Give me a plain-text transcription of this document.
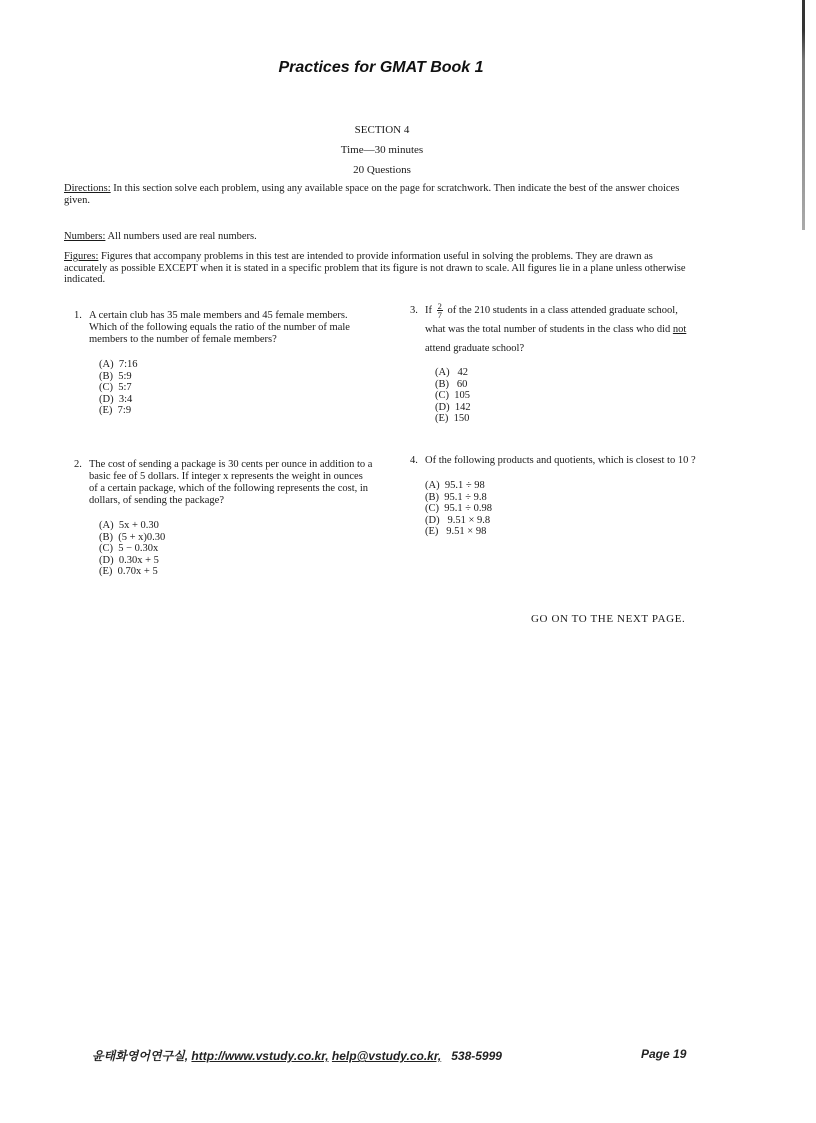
Practices for GMAT Book 1
SECTION 4
Time—30 minutes
20 Questions
Directions: In this section solve each problem, using any available space on the page for scratchwork. Then indicate the best of the answer choices given.
Numbers: All numbers used are real numbers.
Figures: Figures that accompany problems in this test are intended to provide information useful in solving the problems. They are drawn as accurately as possible EXCEPT when it is stated in a specific problem that its figure is not drawn to scale. All figures lie in a plane unless otherwise indicated.
1. A certain club has 35 male members and 45 female members. Which of the following equals the ratio of the number of male members to the number of female members?
(A)  7:16
(B)  5:9
(C)  5:7
(D)  3:4
(E)  7:9
2. The cost of sending a package is 30 cents per ounce in addition to a basic fee of 5 dollars. If integer x represents the weight in ounces of a certain package, which of the following represents the cost, in dollars, of sending the package?
(A)  5x + 0.30
(B)  (5 + x)0.30
(C)  5 − 0.30x
(D)  0.30x + 5
(E)  0.70x + 5
3. If $\frac{2}{7}$ of the 210 students in a class attended graduate school, what was the total number of students in the class who did not attend graduate school?
(A)   42
(B)   60
(C)  105
(D)  142
(E)  150
4. Of the following products and quotients, which is closest to 10 ?
(A)  95.1 ÷ 98
(B)  95.1 ÷ 9.8
(C)  95.1 ÷ 0.98
(D)   9.51 × 9.8
(E)   9.51 × 98
GO ON TO THE NEXT PAGE.
윤태화영어연구실, http://www.vstudy.co.kr, help@vstudy.co.kr, 538-5999	Page 19
